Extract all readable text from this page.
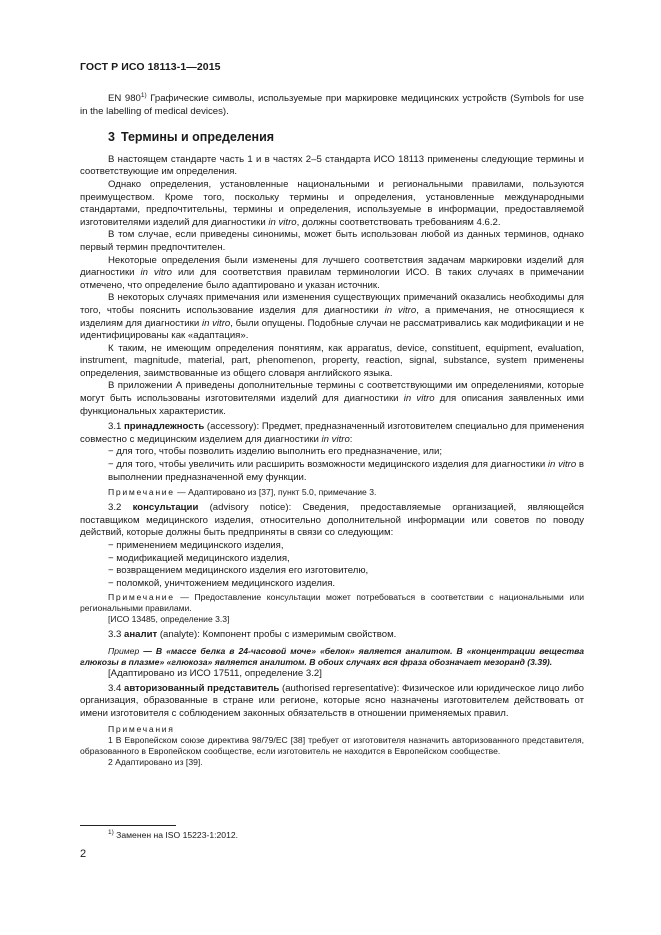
ГОСТ Р ИСО 18113-1—2015

EN 980$^{1)}$ Графические символы, используемые при маркировке медицинских устройств (Symbols for use in the labelling of medical devices).

3 Термины и определения

В настоящем стандарте часть 1 и в частях 2–5 стандарта ИСО 18113 применены следующие термины и соответствующие им определения.

Однако определения, установленные национальными и региональными правилами, пользуются преимуществом. Кроме того, поскольку термины и определения, установленные международными стандартами, предпочтительны, термины и определения, используемые в информации, предоставляемой изготовителями изделий для диагностики in vitro, должны соответствовать требованиям 4.6.2.

В том случае, если приведены синонимы, может быть использован любой из данных терминов, однако первый термин предпочтителен.

Некоторые определения были изменены для лучшего соответствия задачам маркировки изделий для диагностики in vitro или для соответствия правилам терминологии ИСО. В таких случаях в примечании отмечено, что определение было адаптировано и указан источник.

В некоторых случаях примечания или изменения существующих примечаний оказались необходимы для того, чтобы пояснить использование изделия для диагностики in vitro, а примечания, не относящиеся к изделиям для диагностики in vitro, были опущены. Подобные случаи не рассматривались как модификации и не идентифицированы как «адаптация».

К таким, не имеющим определения понятиям, как apparatus, device, constituent, equipment, evaluation, instrument, magnitude, material, part, phenomenon, property, reaction, signal, substance, system применены определения, заимствованные из общего словаря английского языка.

В приложении А приведены дополнительные термины с соответствующими им определениями, которые могут быть использованы изготовителями изделий для диагностики in vitro для описания заявленных ими функциональных характеристик.

3.1 принадлежность (accessory): Предмет, предназначенный изготовителем специально для применения совместно с медицинским изделием для диагностики in vitro:

− для того, чтобы позволить изделию выполнить его предназначение, или;

− для того, чтобы увеличить или расширить возможности медицинского изделия для диагностики in vitro в выполнении предназначенной ему функции.

Примечание — Адаптировано из [37], пункт 5.0, примечание 3.

3.2 консультации (advisory notice): Сведения, предоставляемые организацией, являющейся поставщиком медицинского изделия, относительно дополнительной информации или советов по поводу действий, которые должны быть предприняты в связи со следующим:

− применением медицинского изделия,

− модификацией медицинского изделия,

− возвращением медицинского изделия его изготовителю,

− поломкой, уничтожением медицинского изделия.

Примечание — Предоставление консультации может потребоваться в соответствии с национальными или региональными правилами.

[ИСО 13485, определение 3.3]

3.3 аналит (analyte): Компонент пробы с измеримым свойством.

Пример — В «массе белка в 24-часовой моче» «белок» является аналитом. В «концентрации вещества глюкозы в плазме» «глюкоза» является аналитом. В обоих случаях вся фраза обозначает мезоранд (3.39).

[Адаптировано из ИСО 17511, определение 3.2]

3.4 авторизованный представитель (authorised representative): Физическое или юридическое лицо либо организация, образованные в стране или регионе, которые ясно назначены изготовителем действовать от имени изготовителя с соблюдением законных обязательств в отношении применяемых правил.

Примечания

1 В Европейском союзе директива 98/79/EC [38] требует от изготовителя назначить авторизованного представителя, образованного в Европейском сообществе, если изготовитель не находится в Европейском сообществе.

2 Адаптировано из [39].

$^{1)}$ Заменен на ISO 15223-1:2012.
2
